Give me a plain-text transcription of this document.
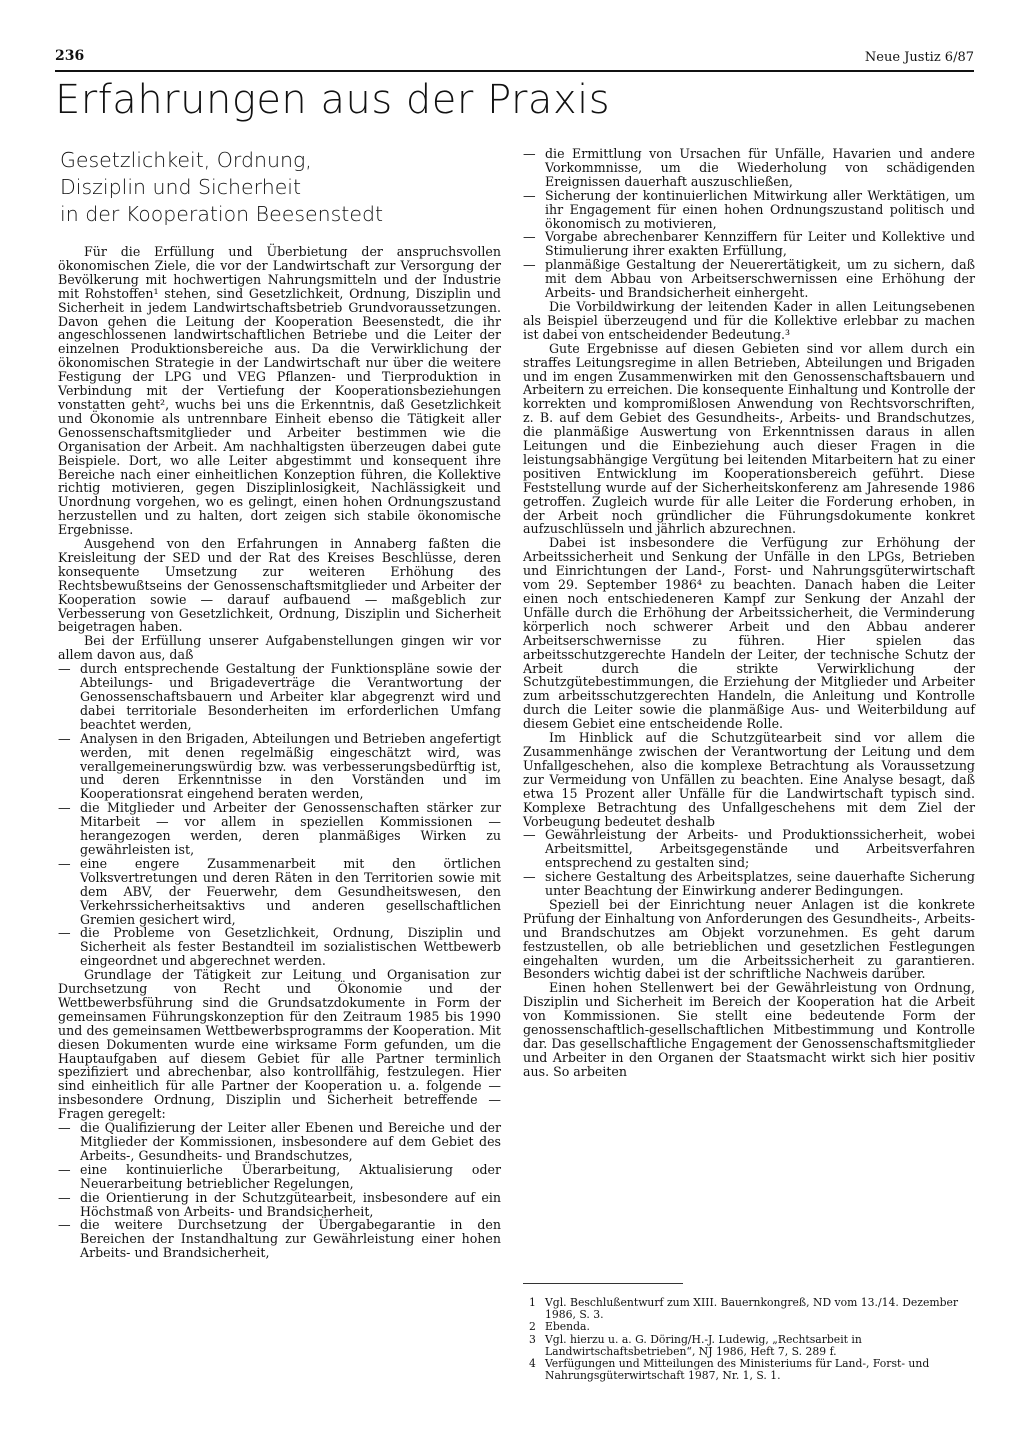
236	Neue Justiz 6/87
Erfahrungen aus der Praxis
Gesetzlichkeit, Ordnung,
Disziplin und Sicherheit
in der Kooperation Beesenstedt

Für die Erfüllung und Überbietung der anspruchsvollen ökonomischen Ziele, die vor der Landwirtschaft zur Versorgung der Bevölkerung mit hochwertigen Nahrungsmitteln und der Industrie mit Rohstoffen¹ stehen, sind Gesetzlichkeit, Ordnung, Disziplin und Sicherheit in jedem Landwirtschaftsbetrieb Grundvoraussetzungen. Davon gehen die Leitung der Kooperation Beesenstedt, die ihr angeschlossenen landwirtschaftlichen Betriebe und die Leiter der einzelnen Produktionsbereiche aus. Da die Verwirklichung der ökonomischen Strategie in der Landwirtschaft nur über die weitere Festigung der LPG und VEG Pflanzen- und Tierproduktion in Verbindung mit der Vertiefung der Kooperationsbeziehungen vonstatten geht², wuchs bei uns die Erkenntnis, daß Gesetzlichkeit und Ökonomie als untrennbare Einheit ebenso die Tätigkeit aller Genossenschaftsmitglieder und Arbeiter bestimmen wie die Organisation der Arbeit. Am nachhaltigsten überzeugen dabei gute Beispiele. Dort, wo alle Leiter abgestimmt und konsequent ihre Bereiche nach einer einheitlichen Konzeption führen, die Kollektive richtig motivieren, gegen Disziplinlosigkeit, Nachlässigkeit und Unordnung vorgehen, wo es gelingt, einen hohen Ordnungszustand herzustellen und zu halten, dort zeigen sich stabile ökonomische Ergebnisse.

Ausgehend von den Erfahrungen in Annaberg faßten die Kreisleitung der SED und der Rat des Kreises Beschlüsse, deren konsequente Umsetzung zur weiteren Erhöhung des Rechtsbewußtseins der Genossenschaftsmitglieder und Arbeiter der Kooperation sowie — darauf aufbauend — maßgeblich zur Verbesserung von Gesetzlichkeit, Ordnung, Disziplin und Sicherheit beigetragen haben.

Bei der Erfüllung unserer Aufgabenstellungen gingen wir vor allem davon aus, daß

— durch entsprechende Gestaltung der Funktionspläne sowie der Abteilungs- und Brigadeverträge die Verantwortung der Genossenschaftsbauern und Arbeiter klar abgegrenzt wird und dabei territoriale Besonderheiten im erforderlichen Umfang beachtet werden,
— Analysen in den Brigaden, Abteilungen und Betrieben angefertigt werden, mit denen regelmäßig eingeschätzt wird, was verallgemeinerungswürdig bzw. was verbesserungsbedürftig ist, und deren Erkenntnisse in den Vorständen und im Kooperationsrat eingehend beraten werden,
— die Mitglieder und Arbeiter der Genossenschaften stärker zur Mitarbeit — vor allem in speziellen Kommissionen — herangezogen werden, deren planmäßiges Wirken zu gewährleisten ist,
— eine engere Zusammenarbeit mit den örtlichen Volksvertretungen und deren Räten in den Territorien sowie mit dem ABV, der Feuerwehr, dem Gesundheitswesen, den Verkehrssicherheitsaktivs und anderen gesellschaftlichen Gremien gesichert wird,
— die Probleme von Gesetzlichkeit, Ordnung, Disziplin und Sicherheit als fester Bestandteil im sozialistischen Wettbewerb eingeordnet und abgerechnet werden.

Grundlage der Tätigkeit zur Leitung und Organisation zur Durchsetzung von Recht und Ökonomie und der Wettbewerbsführung sind die Grundsatzdokumente in Form der gemeinsamen Führungskonzeption für den Zeitraum 1985 bis 1990 und des gemeinsamen Wettbewerbsprogramms der Kooperation. Mit diesen Dokumenten wurde eine wirksame Form gefunden, um die Hauptaufgaben auf diesem Gebiet für alle Partner terminlich spezifiziert und abrechenbar, also kontrollfähig, festzulegen. Hier sind einheitlich für alle Partner der Kooperation u. a. folgende — insbesondere Ordnung, Disziplin und Sicherheit betreffende — Fragen geregelt:

— die Qualifizierung der Leiter aller Ebenen und Bereiche und der Mitglieder der Kommissionen, insbesondere auf dem Gebiet des Arbeits-, Gesundheits- und Brandschutzes,
— eine kontinuierliche Überarbeitung, Aktualisierung oder Neuerarbeitung betrieblicher Regelungen,
— die Orientierung in der Schutzgütearbeit, insbesondere auf ein Höchstmaß von Arbeits- und Brandsicherheit,
— die weitere Durchsetzung der Übergabegarantie in den Bereichen der Instandhaltung zur Gewährleistung einer hohen Arbeits- und Brandsicherheit,
— die Ermittlung von Ursachen für Unfälle, Havarien und andere Vorkommnisse, um die Wiederholung von schädigenden Ereignissen dauerhaft auszuschließen,
— Sicherung der kontinuierlichen Mitwirkung aller Werktätigen, um ihr Engagement für einen hohen Ordnungszustand politisch und ökonomisch zu motivieren,
— Vorgabe abrechenbarer Kennziffern für Leiter und Kollektive und Stimulierung ihrer exakten Erfüllung,
— planmäßige Gestaltung der Neuerertätigkeit, um zu sichern, daß mit dem Abbau von Arbeitserschwernissen eine Erhöhung der Arbeits- und Brandsicherheit einhergeht.

Die Vorbildwirkung der leitenden Kader in allen Leitungsebenen als Beispiel überzeugend und für die Kollektive erlebbar zu machen ist dabei von entscheidender Bedeutung.³

Gute Ergebnisse auf diesen Gebieten sind vor allem durch ein straffes Leitungsregime in allen Betrieben, Abteilungen und Brigaden und im engen Zusammenwirken mit den Genossenschaftsbauern und Arbeitern zu erreichen. Die konsequente Einhaltung und Kontrolle der korrekten und kompromißlosen Anwendung von Rechtsvorschriften, z. B. auf dem Gebiet des Gesundheits-, Arbeits- und Brandschutzes, die planmäßige Auswertung von Erkenntnissen daraus in allen Leitungen und die Einbeziehung auch dieser Fragen in die leistungsabhängige Vergütung bei leitenden Mitarbeitern hat zu einer positiven Entwicklung im Kooperationsbereich geführt. Diese Feststellung wurde auf der Sicherheitskonferenz am Jahresende 1986 getroffen. Zugleich wurde für alle Leiter die Forderung erhoben, in der Arbeit noch gründlicher die Führungsdokumente konkret aufzuschlüsseln und jährlich abzurechnen.

Dabei ist insbesondere die Verfügung zur Erhöhung der Arbeitssicherheit und Senkung der Unfälle in den LPGs, Betrieben und Einrichtungen der Land-, Forst- und Nahrungsgüterwirtschaft vom 29. September 1986⁴ zu beachten. Danach haben die Leiter einen noch entschiedeneren Kampf zur Senkung der Anzahl der Unfälle durch die Erhöhung der Arbeitssicherheit, die Verminderung körperlich noch schwerer Arbeit und den Abbau anderer Arbeitserschwernisse zu führen. Hier spielen das arbeitsschutzgerechte Handeln der Leiter, der technische Schutz der Arbeit durch die strikte Verwirklichung der Schutzgütebestimmungen, die Erziehung der Mitglieder und Arbeiter zum arbeitsschutzgerechten Handeln, die Anleitung und Kontrolle durch die Leiter sowie die planmäßige Aus- und Weiterbildung auf diesem Gebiet eine entscheidende Rolle.

Im Hinblick auf die Schutzgütearbeit sind vor allem die Zusammenhänge zwischen der Verantwortung der Leitung und dem Unfallgeschehen, also die komplexe Betrachtung als Voraussetzung zur Vermeidung von Unfällen zu beachten. Eine Analyse besagt, daß etwa 15 Prozent aller Unfälle für die Landwirtschaft typisch sind. Komplexe Betrachtung des Unfallgeschehens mit dem Ziel der Vorbeugung bedeutet deshalb

— Gewährleistung der Arbeits- und Produktionssicherheit, wobei Arbeitsmittel, Arbeitsgegenstände und Arbeitsverfahren entsprechend zu gestalten sind;
— sichere Gestaltung des Arbeitsplatzes, seine dauerhafte Sicherung unter Beachtung der Einwirkung anderer Bedingungen.

Speziell bei der Einrichtung neuer Anlagen ist die konkrete Prüfung der Einhaltung von Anforderungen des Gesundheits-, Arbeits- und Brandschutzes am Objekt vorzunehmen. Es geht darum festzustellen, ob alle betrieblichen und gesetzlichen Festlegungen eingehalten wurden, um die Arbeitssicherheit zu garantieren. Besonders wichtig dabei ist der schriftliche Nachweis darüber.

Einen hohen Stellenwert bei der Gewährleistung von Ordnung, Disziplin und Sicherheit im Bereich der Kooperation hat die Arbeit von Kommissionen. Sie stellt eine bedeutende Form der genossenschaftlich-gesellschaftlichen Mitbestimmung und Kontrolle dar. Das gesellschaftliche Engagement der Genossenschaftsmitglieder und Arbeiter in den Organen der Staatsmacht wirkt sich hier positiv aus. So arbeiten

1 Vgl. Beschlußentwurf zum XIII. Bauernkongreß, ND vom 13./14. Dezember 1986, S. 3.
2 Ebenda.
3 Vgl. hierzu u. a. G. Döring/H.-J. Ludewig, „Rechtsarbeit in Landwirtschaftsbetrieben“, NJ 1986, Heft 7, S. 289 f.
4 Verfügungen und Mitteilungen des Ministeriums für Land-, Forst- und Nahrungsgüterwirtschaft 1987, Nr. 1, S. 1.
